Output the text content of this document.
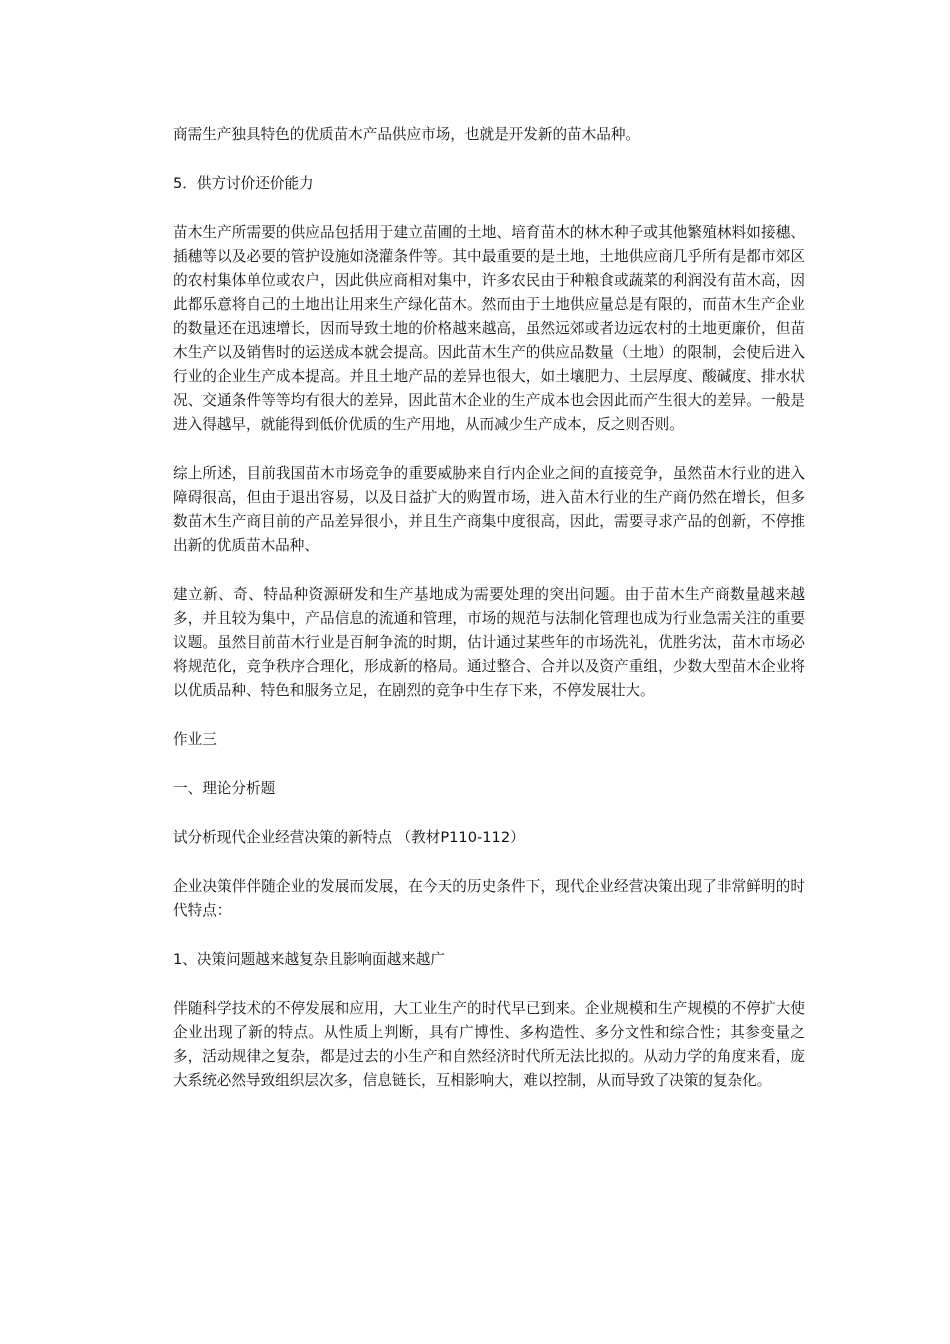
商需生产独具特色的优质苗木产品供应市场，也就是开发新的苗木品种。

5．供方讨价还价能力

苗木生产所需要的供应品包括用于建立苗圃的土地、培育苗木的林木种子或其他繁殖林料如接穗、插穗等以及必要的管护设施如浇灌条件等。其中最重要的是土地，土地供应商几乎所有是都市郊区的农村集体单位或农户，因此供应商相对集中，许多农民由于种粮食或蔬菜的利润没有苗木高，因此都乐意将自己的土地出让用来生产绿化苗木。然而由于土地供应量总是有限的，而苗木生产企业的数量还在迅速增长，因而导致土地的价格越来越高，虽然远郊或者边远农村的土地更廉价，但苗木生产以及销售时的运送成本就会提高。因此苗木生产的供应品数量（土地）的限制，会使后进入行业的企业生产成本提高。并且土地产品的差异也很大，如土壤肥力、土层厚度、酸碱度、排水状况、交通条件等等均有很大的差异，因此苗木企业的生产成本也会因此而产生很大的差异。一般是进入得越早，就能得到低价优质的生产用地，从而减少生产成本，反之则否则。

综上所述，目前我国苗木市场竞争的重要威胁来自行内企业之间的直接竞争，虽然苗木行业的进入障碍很高，但由于退出容易，以及日益扩大的购置市场，进入苗木行业的生产商仍然在增长，但多数苗木生产商目前的产品差异很小，并且生产商集中度很高，因此，需要寻求产品的创新，不停推出新的优质苗木品种、

建立新、奇、特品种资源研发和生产基地成为需要处理的突出问题。由于苗木生产商数量越来越多，并且较为集中，产品信息的流通和管理，市场的规范与法制化管理也成为行业急需关注的重要议题。虽然目前苗木行业是百舸争流的时期，估计通过某些年的市场洗礼，优胜劣汰，苗木市场必将规范化，竞争秩序合理化，形成新的格局。通过整合、合并以及资产重组，少数大型苗木企业将以优质品种、特色和服务立足，在剧烈的竞争中生存下来，不停发展壮大。

作业三

一、理论分析题

试分析现代企业经营决策的新特点 （教材P110-112）

企业决策伴伴随企业的发展而发展，在今天的历史条件下，现代企业经营决策出现了非常鲜明的时代特点：

1、决策问题越来越复杂且影响面越来越广

伴随科学技术的不停发展和应用，大工业生产的时代早已到来。企业规模和生产规模的不停扩大使企业出现了新的特点。从性质上判断，具有广博性、多构造性、多分文性和综合性；其参变量之多，活动规律之复杂，都是过去的小生产和自然经济时代所无法比拟的。从动力学的角度来看，庞大系统必然导致组织层次多，信息链长，互相影响大，难以控制，从而导致了决策的复杂化。
